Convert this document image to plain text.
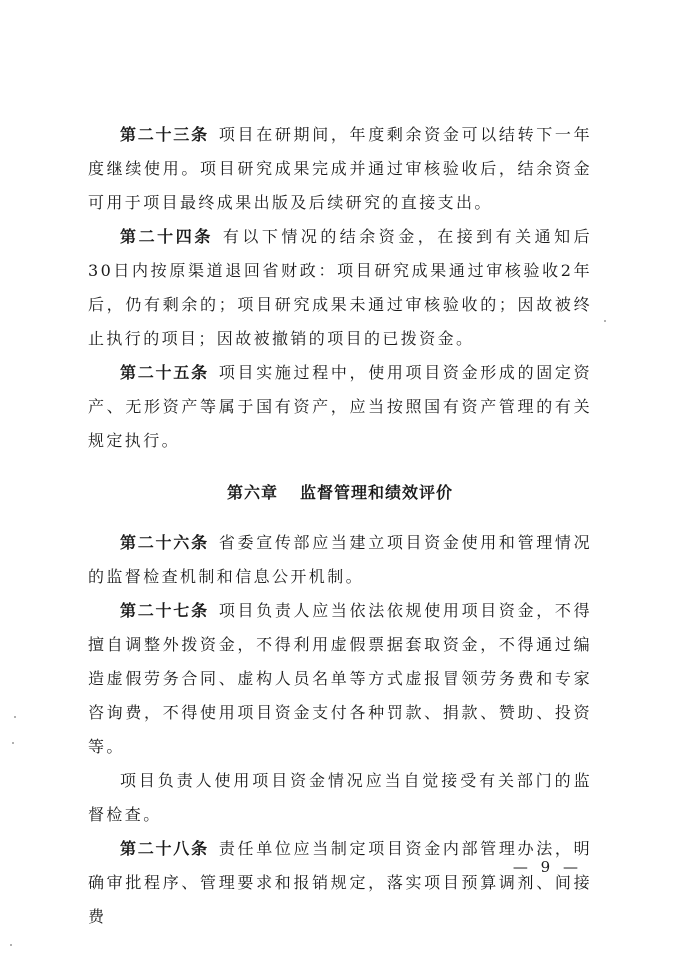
第二十三条 项目在研期间，年度剩余资金可以结转下一年度继续使用。项目研究成果完成并通过审核验收后，结余资金可用于项目最终成果出版及后续研究的直接支出。

第二十四条 有以下情况的结余资金，在接到有关通知后30日内按原渠道退回省财政：项目研究成果通过审核验收2年后，仍有剩余的；项目研究成果未通过审核验收的；因故被终止执行的项目；因故被撤销的项目的已拨资金。

第二十五条 项目实施过程中，使用项目资金形成的固定资产、无形资产等属于国有资产，应当按照国有资产管理的有关规定执行。

第六章 监督管理和绩效评价

第二十六条 省委宣传部应当建立项目资金使用和管理情况的监督检查机制和信息公开机制。

第二十七条 项目负责人应当依法依规使用项目资金，不得擅自调整外拨资金，不得利用虚假票据套取资金，不得通过编造虚假劳务合同、虚构人员名单等方式虚报冒领劳务费和专家咨询费，不得使用项目资金支付各种罚款、捐款、赞助、投资等。

项目负责人使用项目资金情况应当自觉接受有关部门的监督检查。

第二十八条 责任单位应当制定项目资金内部管理办法，明确审批程序、管理要求和报销规定，落实项目预算调剂、间接费

— 9 —
